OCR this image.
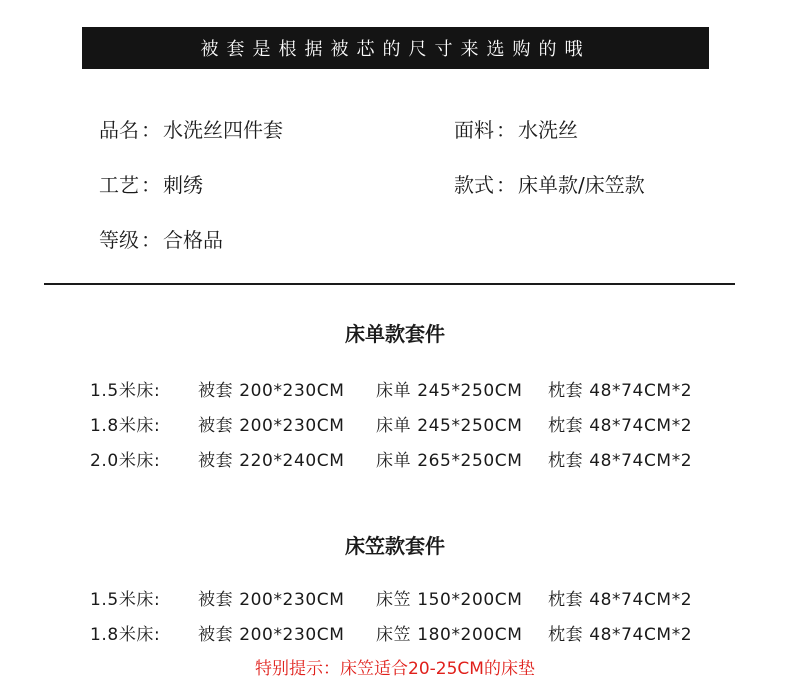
被套是根据被芯的尺寸来选购的哦
品名 ： 水洗丝四件套	面料 ： 水洗丝
工艺 ： 刺绣	款式 ： 床单款/床笠款
等级 ： 合格品
床单款套件
1.5米床: 被套 200*230CM 床单 245*250CM 枕套 48*74CM*2
1.8米床: 被套 200*230CM 床单 245*250CM 枕套 48*74CM*2
2.0米床: 被套 220*240CM 床单 265*250CM 枕套 48*74CM*2
床笠款套件
1.5米床: 被套 200*230CM 床笠 150*200CM 枕套 48*74CM*2
1.8米床: 被套 200*230CM 床笠 180*200CM 枕套 48*74CM*2
特别提示：床笠适合20-25CM的床垫
